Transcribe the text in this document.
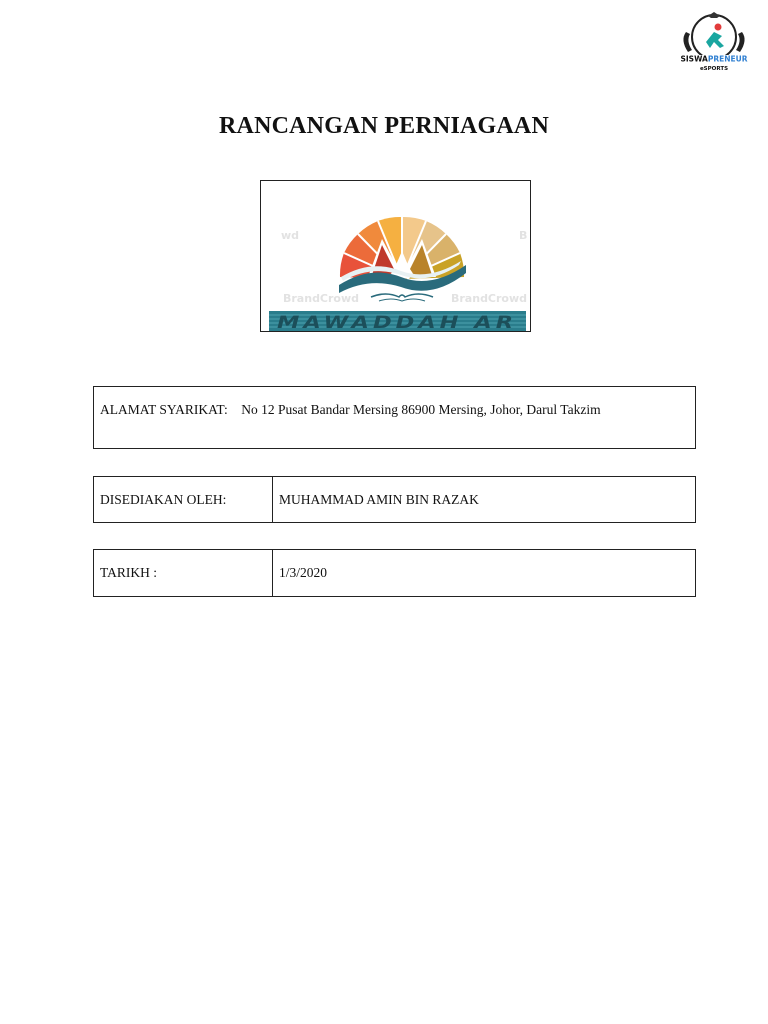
SISWAPRENEUR
eSPORTS
RANCANGAN PERNIAGAAN
wd	B
BrandCrowd	BrandCrowd
MAWADDAH AR
ALAMAT SYARIKAT: No 12 Pusat Bandar Mersing 86900 Mersing, Johor, Darul Takzim
DISEDIAKAN OLEH:	MUHAMMAD AMIN BIN RAZAK
TARIKH :	1/3/2020
